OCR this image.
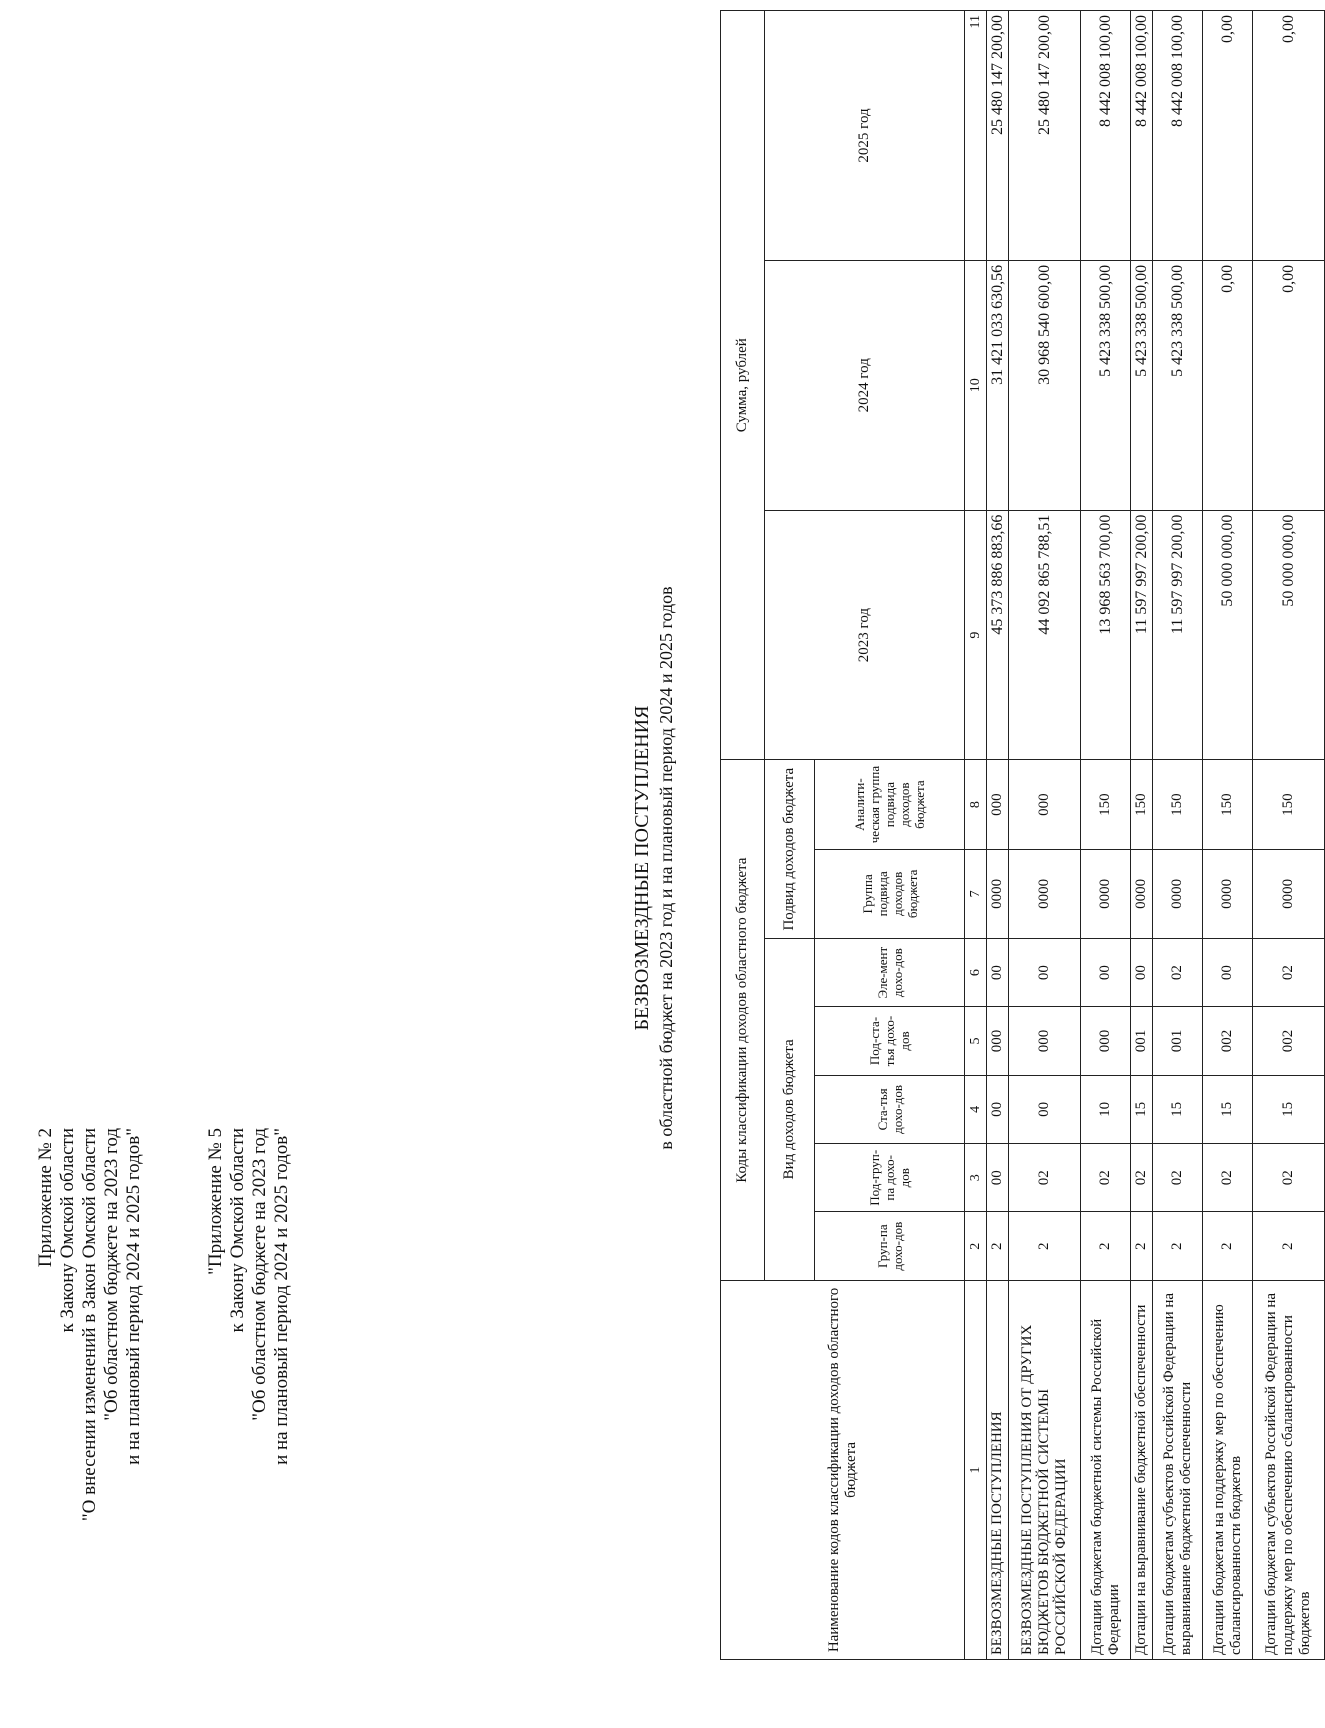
Приложение № 2 к Закону Омской области "О внесении изменений в Закон Омской области "Об областном бюджете на 2023 год и на плановый период 2024 и 2025 годов"	"Приложение № 5 к Закону Омской области "Об областном бюджете на 2023 год и на плановый период 2024 и 2025 годов"
БЕЗВОЗМЕЗДНЫЕ ПОСТУПЛЕНИЯ в областной бюджет на 2023 год и на плановый период 2024 и 2025 годов
Наименование кодов классификации доходов областного бюджета	Коды классификации доходов областного бюджета							Сумма, рублей		
	Вид доходов бюджета					Подвид доходов бюджета		2023 год	2024 год	2025 год
	Груп-па дохо-дов	Под-груп-па дохо-дов	Ста-тья дохо-дов	Под-ста-тья дохо-дов	Эле-мент дохо-дов	Группа подвида доходов бюджета	Аналити-ческая группа подвида доходов бюджета			
1	2	3	4	5	6	7	8	9	10	11
БЕЗВОЗМЕЗДНЫЕ ПОСТУПЛЕНИЯ	2	00	00	000	00	0000	000	45 373 886 883,66	31 421 033 630,56	25 480 147 200,00
БЕЗВОЗМЕЗДНЫЕ ПОСТУПЛЕНИЯ ОТ ДРУГИХ БЮДЖЕТОВ БЮДЖЕТНОЙ СИСТЕМЫ РОССИЙСКОЙ ФЕДЕРАЦИИ	2	02	00	000	00	0000	000	44 092 865 788,51	30 968 540 600,00	25 480 147 200,00
Дотации бюджетам бюджетной системы Российской Федерации	2	02	10	000	00	0000	150	13 968 563 700,00	5 423 338 500,00	8 442 008 100,00
Дотации на выравнивание бюджетной обеспеченности	2	02	15	001	00	0000	150	11 597 997 200,00	5 423 338 500,00	8 442 008 100,00
Дотации бюджетам субъектов Российской Федерации на выравнивание бюджетной обеспеченности	2	02	15	001	02	0000	150	11 597 997 200,00	5 423 338 500,00	8 442 008 100,00
Дотации бюджетам на поддержку мер по обеспечению сбалансированности бюджетов	2	02	15	002	00	0000	150	50 000 000,00	0,00	0,00
Дотации бюджетам субъектов Российской Федерации на поддержку мер по обеспечению сбалансированности бюджетов	2	02	15	002	02	0000	150	50 000 000,00	0,00	0,00
